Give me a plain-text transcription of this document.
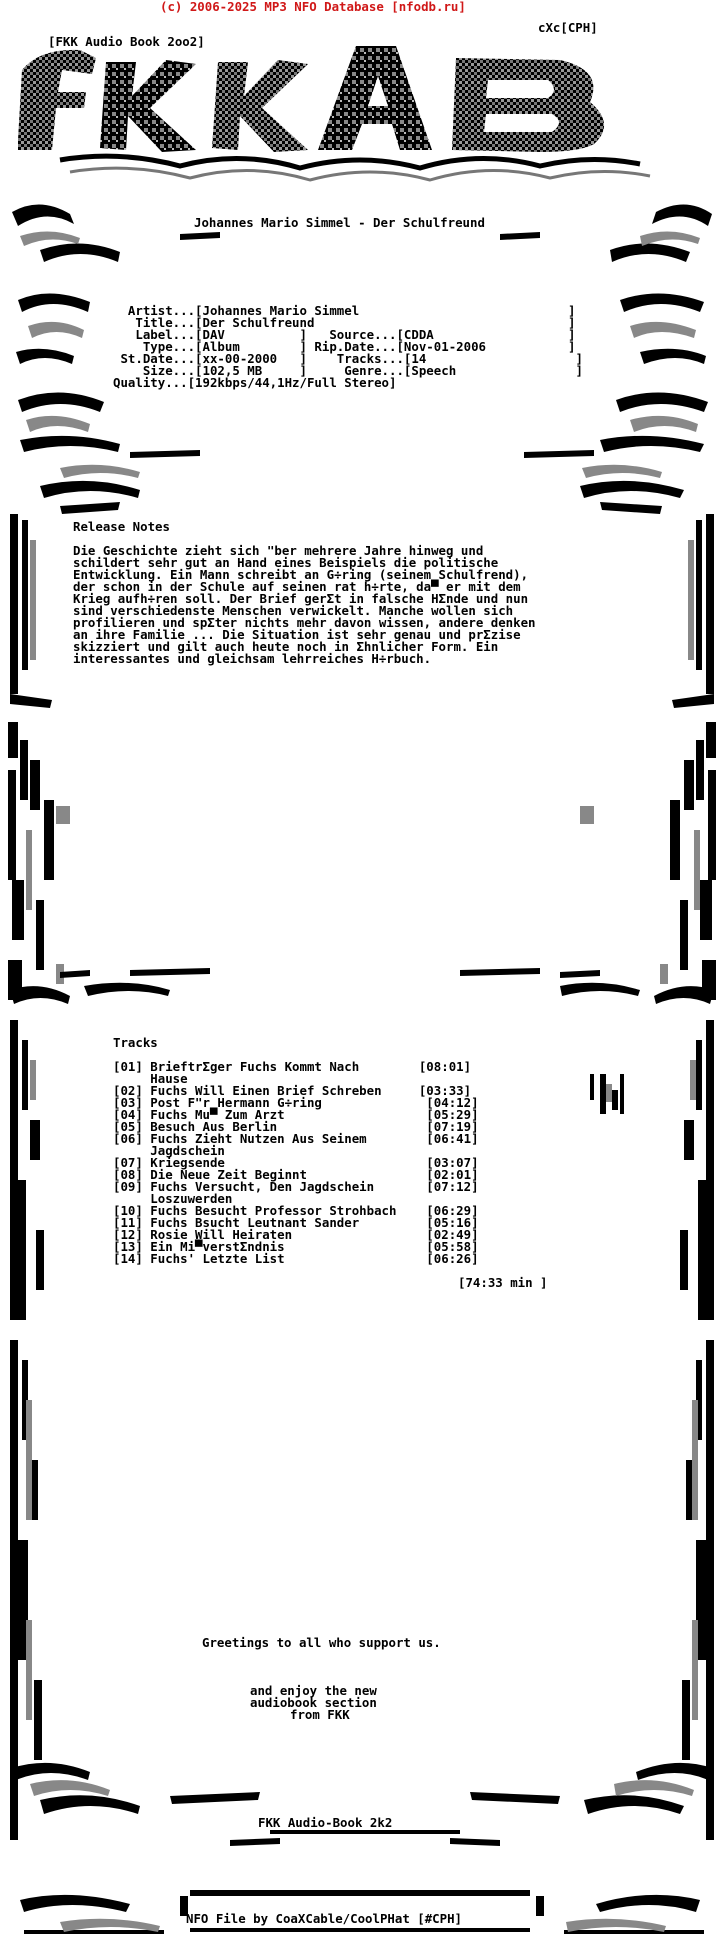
(c) 2006-2025 MP3 NFO Database [nfodb.ru]
[FKK Audio Book 2oo2]
cXc[CPH]
Johannes Mario Simmel - Der Schulfreund
Artist...[Johannes Mario Simmel                            ]
Title...[Der Schulfreund                                  ]
Label...[DAV          ]   Source...[CDDA                  ]
Type...[Album        ] Rip.Date...[Nov-01-2006           ]
St.Date...[xx-00-2000   ]    Tracks...[14                    ]
Size...[102,5 MB     ]     Genre...[Speech                ]
Quality...[192kbps/44,1Hz/Full Stereo]
Release Notes
Die Geschichte zieht sich "ber mehrere Jahre hinweg und
schildert sehr gut an Hand eines Beispiels die politische
Entwicklung. Ein Mann schreibt an G÷ring (seinem Schulfrend),
der schon in der Schule auf seinen rat h÷rte, da▀ er mit dem
Krieg aufh÷ren soll. Der Brief gerΣt in falsche HΣnde und nun
sind verschiedenste Menschen verwickelt. Manche wollen sich
profilieren und spΣter nichts mehr davon wissen, andere denken
an ihre Familie ... Die Situation ist sehr genau und prΣzise
skizziert und gilt auch heute noch in Σhnlicher Form. Ein
interessantes und gleichsam lehrreiches H÷rbuch.
Tracks
[01] BrieftrΣger Fuchs Kommt Nach        [08:01]
Hause
[02] Fuchs Will Einen Brief Schreben     [03:33]
[03] Post F"r Hermann G÷ring              [04:12]
[04] Fuchs Mu▀ Zum Arzt                   [05:29]
[05] Besuch Aus Berlin                    [07:19]
[06] Fuchs Zieht Nutzen Aus Seinem        [06:41]
Jagdschein
[07] Kriegsende                           [03:07]
[08] Die Neue Zeit Beginnt                [02:01]
[09] Fuchs Versucht, Den Jagdschein       [07:12]
Loszuwerden
[10] Fuchs Besucht Professor Strohbach    [06:29]
[11] Fuchs Bsucht Leutnant Sander         [05:16]
[12] Rosie Will Heiraten                  [02:49]
[13] Ein Mi▀verstΣndnis                   [05:58]
[14] Fuchs' Letzte List                   [06:26]
[74:33 min ]
Greetings to all who support us.
and enjoy the new
audiobook section
from FKK
FKK Audio-Book 2k2
NFO File by CoaXCable/CoolPHat [#CPH]
